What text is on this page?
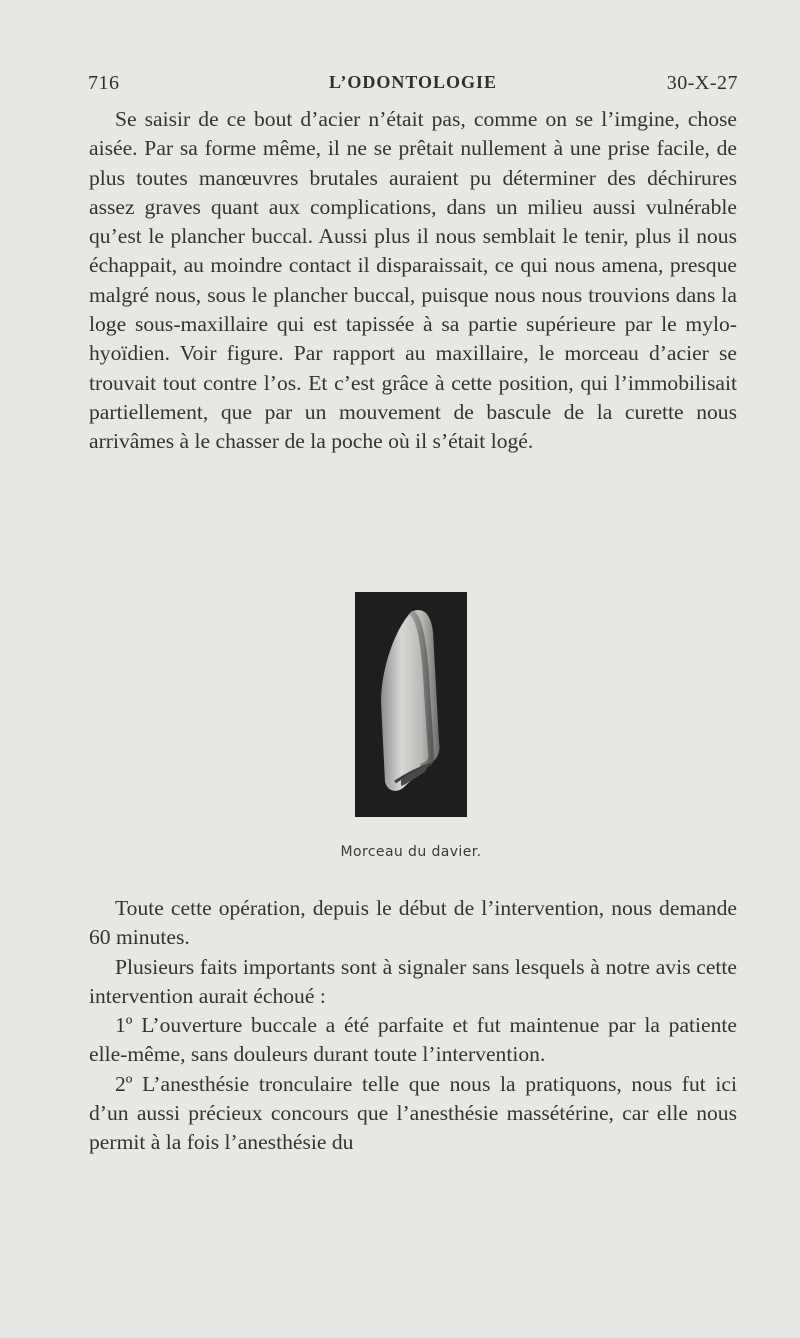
716	L’ODONTOLOGIE	30-X-27

Se saisir de ce bout d’acier n’était pas, comme on se l’imgine, chose aisée. Par sa forme même, il ne se prêtait nullement à une prise facile, de plus toutes manœuvres brutales auraient pu déterminer des déchirures assez graves quant aux complications, dans un milieu aussi vulnérable qu’est le plancher buccal. Aussi plus il nous semblait le tenir, plus il nous échappait, au moindre contact il disparaissait, ce qui nous amena, presque malgré nous, sous le plancher buccal, puisque nous nous trouvions dans la loge sous-maxillaire qui est tapissée à sa partie supérieure par le mylo-hyoïdien. Voir figure. Par rapport au maxillaire, le morceau d’acier se trouvait tout contre l’os. Et c’est grâce à cette position, qui l’immobilisait partiellement, que par un mouvement de bascule de la curette nous arrivâmes à le chasser de la poche où il s’était logé.

Morceau du davier.

Toute cette opération, depuis le début de l’intervention, nous demande 60 minutes.

Plusieurs faits importants sont à signaler sans lesquels à notre avis cette intervention aurait échoué :

1º L’ouverture buccale a été parfaite et fut maintenue par la patiente elle-même, sans douleurs durant toute l’intervention.

2º L’anesthésie tronculaire telle que nous la pratiquons, nous fut ici d’un aussi précieux concours que l’anesthésie massétérine, car elle nous permit à la fois l’anesthésie du
